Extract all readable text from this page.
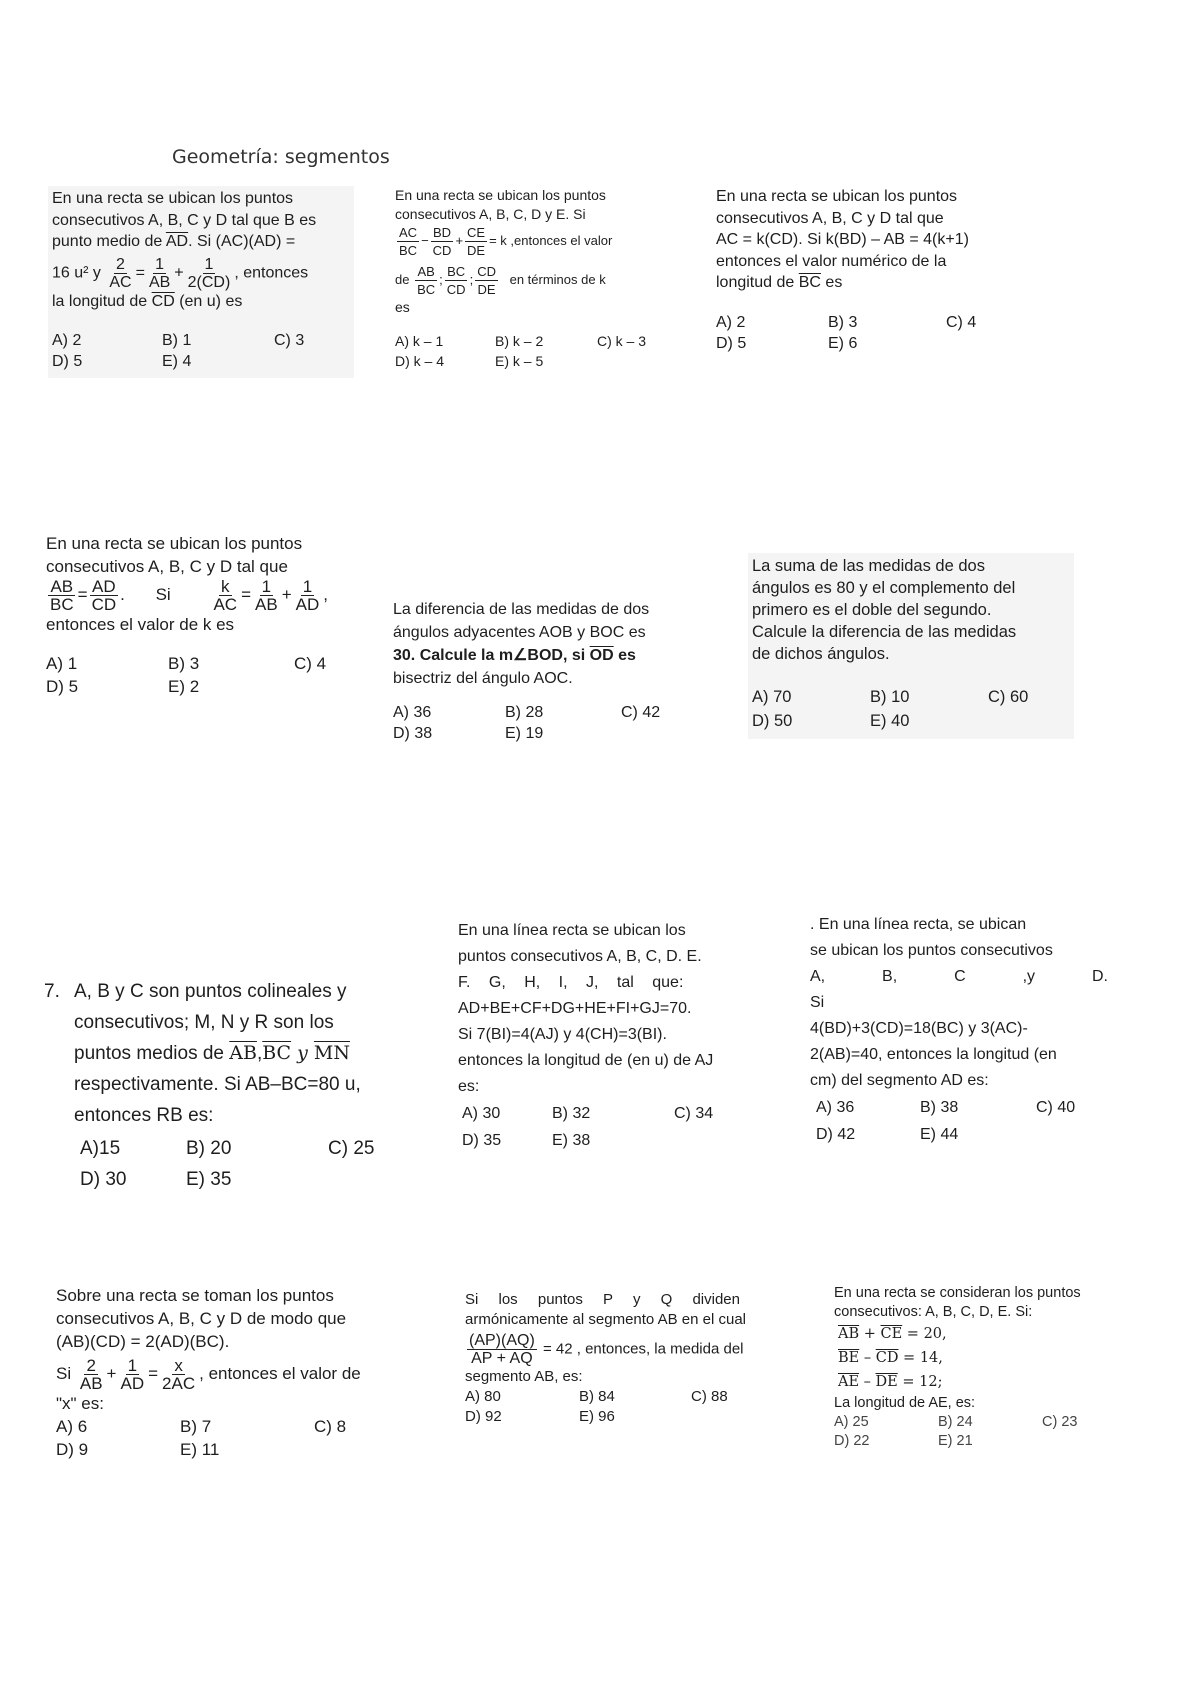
Geometría: segmentos

En una recta se ubican los puntos

consecutivos A, B, C y D tal que B es

punto medio de $\overline{AD}$. Si (AC)(AD) =

16 u² y $\frac{2}{AC} = \frac{1}{AB} + \frac{1}{2(CD)}$ , entonces

la longitud de $\overline{CD}$ (en u) es

A) 2	B) 1	C) 3
D) 5	E) 4

En una recta se ubican los puntos

consecutivos A, B, C, D y E. Si

$\frac{AC}{BC} - \frac{BD}{CD} + \frac{CE}{DE} = k$ ,entonces el valor

de $\frac{AB}{BC}$ ; $\frac{BC}{CD}$ ; $\frac{CD}{DE}$ en términos de k

es

A) k – 1	B) k – 2	C) k – 3
D) k – 4	E) k – 5

En una recta se ubican los puntos

consecutivos A, B, C y D tal que

AC = k(CD). Si k(BD) – AB = 4(k+1)

entonces el valor numérico de la

longitud de $\overline{BC}$ es

A) 2	B) 3	C) 4
D) 5	E) 6

En una recta se ubican los puntos

consecutivos A, B, C y D tal que

$\frac{AB}{BC} = \frac{AD}{CD}$ . Si $\frac{k}{AC} = \frac{1}{AB} + \frac{1}{AD}$ ,

entonces el valor de k es

A) 1	B) 3	C) 4
D) 5	E) 2

La diferencia de las medidas de dos

ángulos adyacentes AOB y BOC es

30. Calcule la m∠BOD, si $\overline{OD}$ es

bisectriz del ángulo AOC.

A) 36	B) 28	C) 42
D) 38	E) 19

La suma de las medidas de dos

ángulos es 80 y el complemento del

primero es el doble del segundo.

Calcule la diferencia de las medidas

de dichos ángulos.

A) 70	B) 10	C) 60
D) 50	E) 40
7. A, B y C son puntos colineales y

consecutivos; M, N y R son los

puntos medios de $\overline{AB},\overline{BC}$ y $\overline{MN}$

respectivamente. Si AB–BC=80 u,

entonces RB es:

A)15	B) 20	C) 25
D) 30	E) 35

En una línea recta se ubican los

puntos consecutivos A, B, C, D. E.

F. G, H, I, J, tal que:

AD+BE+CF+DG+HE+FI+GJ=70.

Si 7(BI)=4(AJ) y 4(CH)=3(BI).

entonces la longitud de (en u) de AJ

es:

A) 30	B) 32	C) 34
D) 35	E) 38

. En una línea recta, se ubican

se ubican los puntos consecutivos

A, B, C ,y D. Si

4(BD)+3(CD)=18(BC) y 3(AC)-

2(AB)=40, entonces la longitud (en

cm) del segmento AD es:

A) 36	B) 38	C) 40
D) 42	E) 44

Sobre una recta se toman los puntos

consecutivos A, B, C y D de modo que

(AB)(CD) = 2(AD)(BC).

Si $\frac{2}{AB} + \frac{1}{AD} = \frac{x}{2AC}$ , entonces el valor de

"x" es:

A) 6	B) 7	C) 8
D) 9	E) 11

Si los puntos P y Q dividen

armónicamente al segmento AB en el cual

$\frac{(AP)(AQ)}{AP + AQ} = 42$ , entonces, la medida del

segmento AB, es:

A) 80	B) 84	C) 88
D) 92	E) 96

En una recta se consideran los puntos

consecutivos: A, B, C, D, E. Si:

$\overline{AB} + \overline{CE} = 20$,
$\overline{BE} - \overline{CD} = 14$,
$\overline{AE} - \overline{DE} = 12$;

La longitud de AE, es:

A) 25	B) 24	C) 23
D) 22	E) 21
